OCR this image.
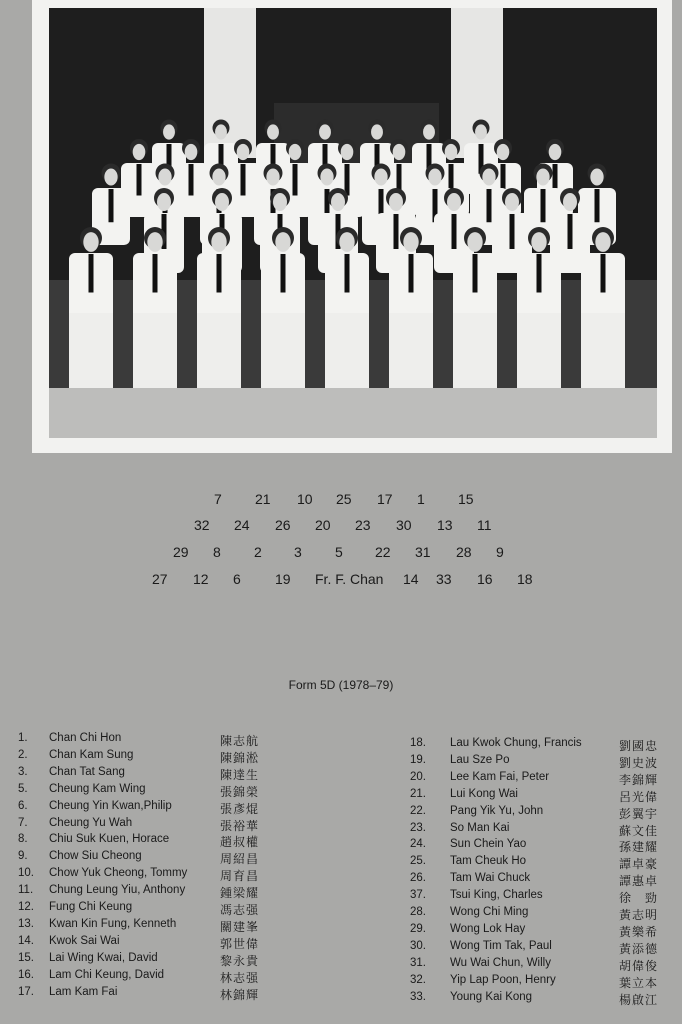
7 21 10 25 17 1 15
32 24 26 20 23 30 13 11
29 8 2 3 5 22 31 28 9
27 12 6 19 Fr. F. Chan 14 33 16 18
Form 5D (1978–79)
1. Chan Chi Hon	陳志航
2. Chan Kam Sung	陳錦淞
3. Chan Tat Sang	陳達生
5. Cheung Kam Wing	張錦榮
6. Cheung Yin Kwan,Philip	張彥焜
7. Cheung Yu Wah	張裕華
8. Chiu Suk Kuen, Horace	趙叔權
9. Chow Siu Cheong	周紹昌
10. Chow Yuk Cheong, Tommy	周育昌
11. Chung Leung Yiu, Anthony	鍾梁耀
12. Fung Chi Keung	馮志强
13. Kwan Kin Fung, Kenneth	關建峯
14. Kwok Sai Wai	郭世偉
15. Lai Wing Kwai, David	黎永貴
16. Lam Chi Keung, David	林志强
17. Lam Kam Fai	林錦輝
18. Lau Kwok Chung, Francis	劉國忠
19. Lau Sze Po	劉史波
20. Lee Kam Fai, Peter	李錦輝
21. Lui Kong Wai	呂光偉
22. Pang Yik Yu, John	彭翼宇
23. So Man Kai	蘇文佳
24. Sun Chein Yao	孫建耀
25. Tam Cheuk Ho	譚卓豪
26. Tam Wai Chuck	譚惠卓
37. Tsui King, Charles	徐　勁
28. Wong Chi Ming	黃志明
29. Wong Lok Hay	黃樂希
30. Wong Tim Tak, Paul	黃添德
31. Wu Wai Chun, Willy	胡偉俊
32. Yip Lap Poon, Henry	葉立本
33. Young Kai Kong	楊啟江
